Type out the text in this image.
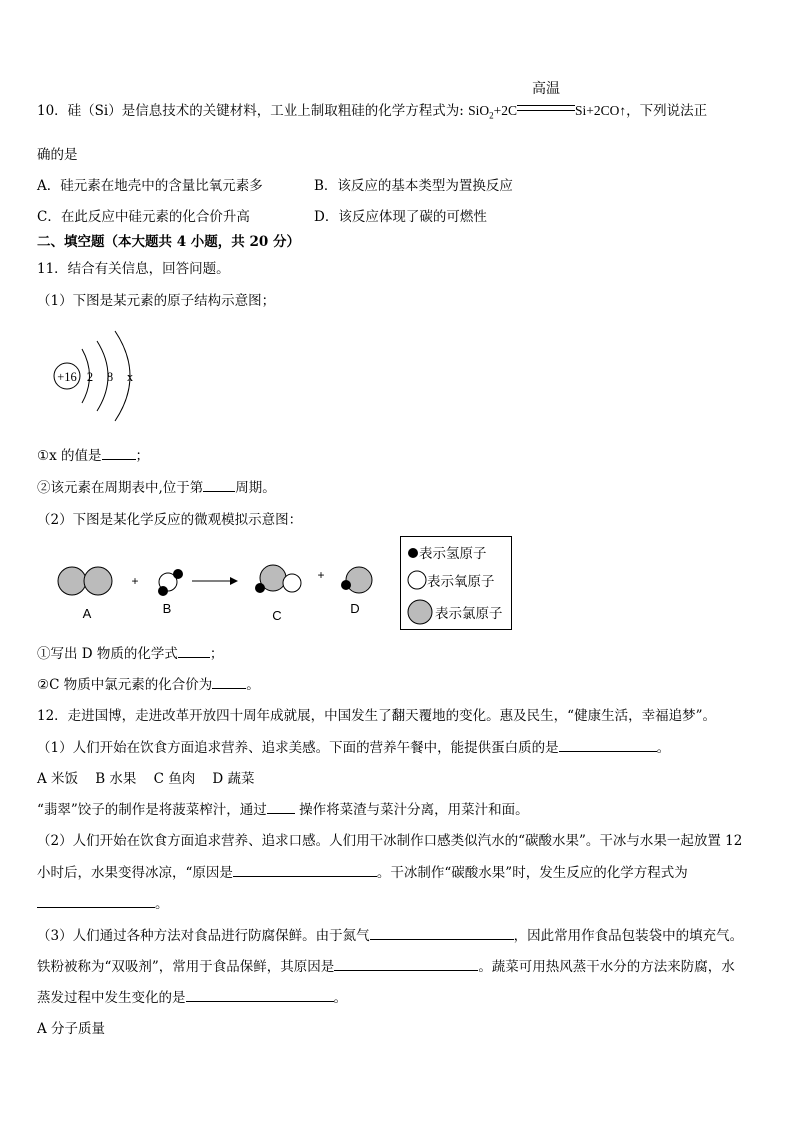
10．硅（Si）是信息技术的关键材料，工业上制取粗硅的化学方程式为: SiO$_2$+2C
高温
Si+2CO↑，下列说法正
确的是
A．硅元素在地壳中的含量比氧元素多	B．该反应的基本类型为置换反应
C．在此反应中硅元素的化合价升高	D．该反应体现了碳的可燃性
二、填空题（本大题共 4 小题，共 20 分）
11．结合有关信息，回答问题。
（1）下图是某元素的原子结构示意图；
+16 2 8 x
①x 的值是	；
②该元素在周期表中,位于第 周期。
（2）下图是某化学反应的微观模拟示意图：
A
+
B	C
+
D
表示氢原子
表示氧原子
表示氯原子
①写出 D 物质的化学式 ；
②C 物质中氯元素的化合价为	。
12．走进国博，走进改革开放四十周年成就展，中国发生了翻天覆地的变化。惠及民生，“健康生活，幸福追梦”。
（1）人们开始在饮食方面追求营养、追求美感。下面的营养午餐中，能提供蛋白质的是	。
A 米饭    B 水果    C 鱼肉    D 蔬菜
“翡翠”饺子的制作是将菠菜榨汁，通过 操作将菜渣与菜汁分离，用菜汁和面。
（2）人们开始在饮食方面追求营养、追求口感。人们用干冰制作口感类似汽水的“碳酸水果”。干冰与水果一起放置 12
小时后，水果变得冰凉，“原因是	。干冰制作“碳酸水果”时，发生反应的化学方程式为
。
（3）人们通过各种方法对食品进行防腐保鲜。由于氮气	，因此常用作食品包装袋中的填充气。
铁粉被称为“双吸剂”，常用于食品保鲜，其原因是	。蔬菜可用热风蒸干水分的方法来防腐，水
蒸发过程中发生变化的是	。
A 分子质量
